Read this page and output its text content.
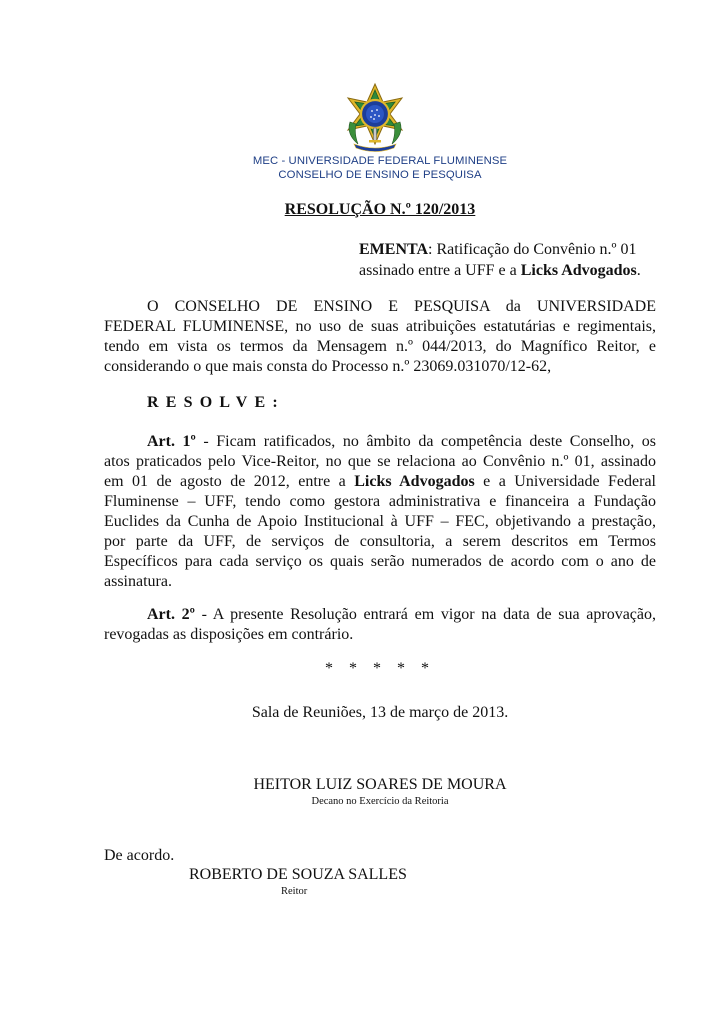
MEC - UNIVERSIDADE FEDERAL FLUMINENSE
CONSELHO DE ENSINO E PESQUISA
RESOLUÇÃO N.º 120/2013
EMENTA: Ratificação do Convênio n.º 01
assinado entre a UFF e a Licks Advogados.
O CONSELHO DE ENSINO E PESQUISA da UNIVERSIDADE
FEDERAL FLUMINENSE, no uso de suas atribuições estatutárias e regimentais,
tendo em vista os termos da Mensagem n.º 044/2013, do Magnífico Reitor, e
considerando o que mais consta do Processo n.º 23069.031070/12-62,
RESOLVE:
Art. 1º - Ficam ratificados, no âmbito da competência deste Conselho, os
atos praticados pelo Vice-Reitor, no que se relaciona ao Convênio n.º 01, assinado
em 01 de agosto de 2012, entre a Licks Advogados e a Universidade Federal
Fluminense – UFF, tendo como gestora administrativa e financeira a Fundação
Euclides da Cunha de Apoio Institucional à UFF – FEC, objetivando a prestação,
por parte da UFF, de serviços de consultoria, a serem descritos em Termos
Específicos para cada serviço os quais serão numerados de acordo com o ano de
assinatura.
Art. 2º - A presente Resolução entrará em vigor na data de sua aprovação,
revogadas as disposições em contrário.
* * * * *
Sala de Reuniões, 13 de março de 2013.
HEITOR LUIZ SOARES DE MOURA
Decano no Exercício da Reitoria
De acordo.
ROBERTO DE SOUZA SALLES
Reitor
